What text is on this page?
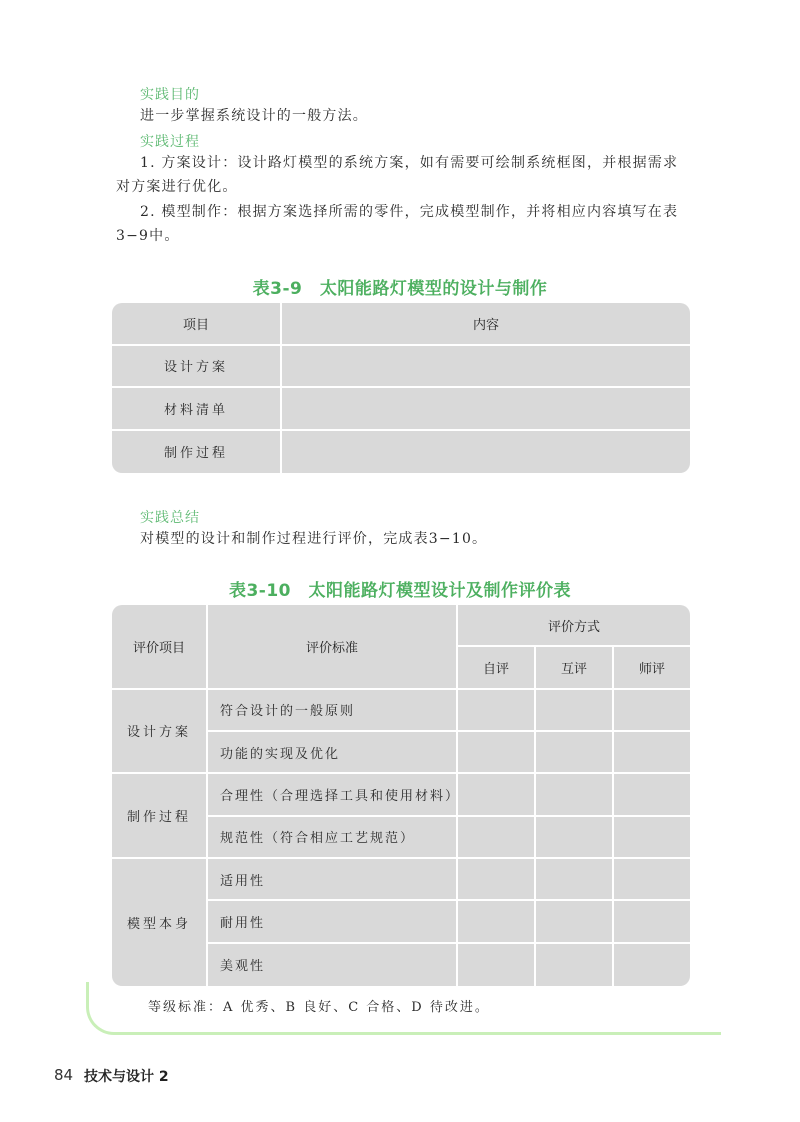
实践目的
进一步掌握系统设计的一般方法。
实践过程
1. 方案设计：设计路灯模型的系统方案，如有需要可绘制系统框图，并根据需求对方案进行优化。
2. 模型制作：根据方案选择所需的零件，完成模型制作，并将相应内容填写在表3−9中。
表3-9　太阳能路灯模型的设计与制作
项目	内容
设计方案	
材料清单	
制作过程	
实践总结
对模型的设计和制作过程进行评价，完成表3−10。
表3-10　太阳能路灯模型设计及制作评价表
评价项目	评价标准	评价方式		
		自评	互评	师评
设计方案	符合设计的一般原则			
	功能的实现及优化			
制作过程	合理性（合理选择工具和使用材料）			
	规范性（符合相应工艺规范）			
模型本身	适用性			
	耐用性			
	美观性			
等级标准：A 优秀、B 良好、C 合格、D 待改进。
84 技术与设计 2
